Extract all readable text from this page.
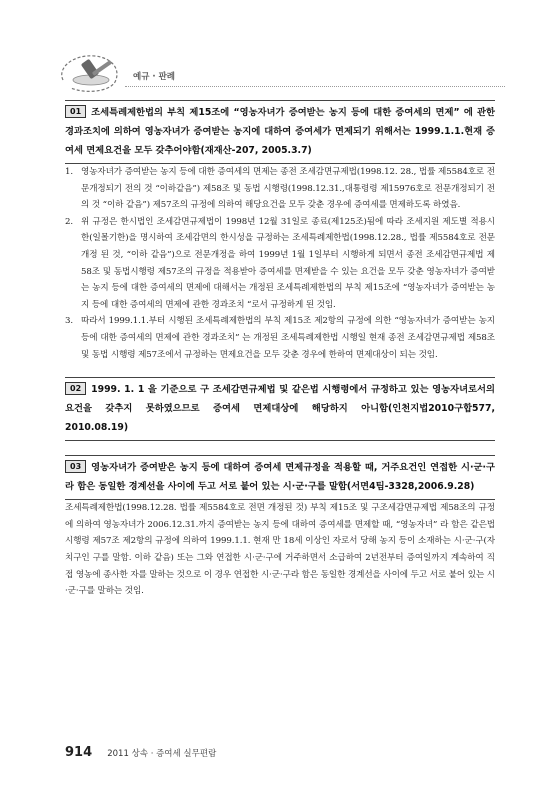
예규 · 판례
01 조세특례제한법의 부칙 제15조에 “영농자녀가 증여받는 농지 등에 대한 증여세의 면제” 에 관한 경과조치에 의하여 영농자녀가 증여받는 농지에 대하여 증여세가 면제되기 위해서는 1999.1.1.현재 증여세 면제요건을 모두 갖추어야함(재재산-207, 2005.3.7)
1. 영농자녀가 증여받는 농지 등에 대한 증여세의 면제는 종전 조세감면규제법(1998.12. 28., 법률 제5584호로 전문개정되기 전의 것 “이하같음”) 제58조 및 동법 시행령(1998.12.31.,대통령령 제15976호로 전문개정되기 전의 것 “이하 같음”) 제57조의 규정에 의하여 해당요건을 모두 갖춘 경우에 증여세를 면제하도록 하였음.
2. 위 규정은 한시법인 조세감면규제법이 1998년 12월 31일로 종료(제125조)됨에 따라 조세지원 제도별 적용시한(일몰기한)을 명시하여 조세감면의 한시성을 규정하는 조세특례제한법(1998.12.28., 법률 제5584호로 전문개정 된 것, “이하 같음”)으로 전문개정을 하여 1999년 1월 1일부터 시행하게 되면서 종전 조세감면규제법 제58조 및 동법시행령 제57조의 규정을 적용받아 증여세를 면제받을 수 있는 요건을 모두 갖춘 영농자녀가 증여받는 농지 등에 대한 증여세의 면제에 대해서는 개정된 조세특례제한법의 부칙 제15조에 “영농자녀가 증여받는 농지 등에 대한 증여세의 면제에 관한 경과조치 “로서 규정하게 된 것임.
3. 따라서 1999.1.1.부터 시행된 조세특례제한법의 부칙 제15조 제2항의 규정에 의한 “영농자녀가 증여받는 농지 등에 대한 증여세의 면제에 관한 경과조치” 는 개정된 조세특례제한법 시행일 현재 종전 조세감면규제법 제58조 및 동법 시행령 제57조에서 규정하는 면제요건을 모두 갖춘 경우에 한하여 면제대상이 되는 것임.
02 1999. 1. 1 을 기준으로 구 조세감면규제법 및 같은법 시행령에서 규정하고 있는 영농자녀로서의 요건을 갖추지 못하였으므로 증여세 면제대상에 해당하지 아니함(인천지법2010구합577, 2010.08.19)
03 영농자녀가 증여받은 농지 등에 대하여 증여세 면제규정을 적용할 때, 거주요건인 연접한 시·군·구라 함은 동일한 경계선을 사이에 두고 서로 붙어 있는 시·군·구를 말함(서면4팀-3328,2006.9.28)

조세특례제한법(1998.12.28. 법률 제5584호로 전면 개정된 것) 부칙 제15조 및 구조세감면규제법 제58조의 규정에 의하여 영농자녀가 2006.12.31.까지 증여받는 농지 등에 대하여 증여세를 면제할 때, “영농자녀” 라 함은 같은법 시행령 제57조 제2항의 규정에 의하여 1999.1.1. 현재 만 18세 이상인 자로서 당해 농지 등이 소재하는 시·군·구(자치구인 구를 말함. 이하 같음) 또는 그와 연접한 시·군·구에 거주하면서 소급하여 2년전부터 증여일까지 계속하여 직접 영농에 종사한 자를 말하는 것으로 이 경우 연접한 시·군·구라 함은 동일한 경계선을 사이에 두고 서로 붙어 있는 시·군·구를 말하는 것임.

914 2011 상속 · 증여세 실무편람
